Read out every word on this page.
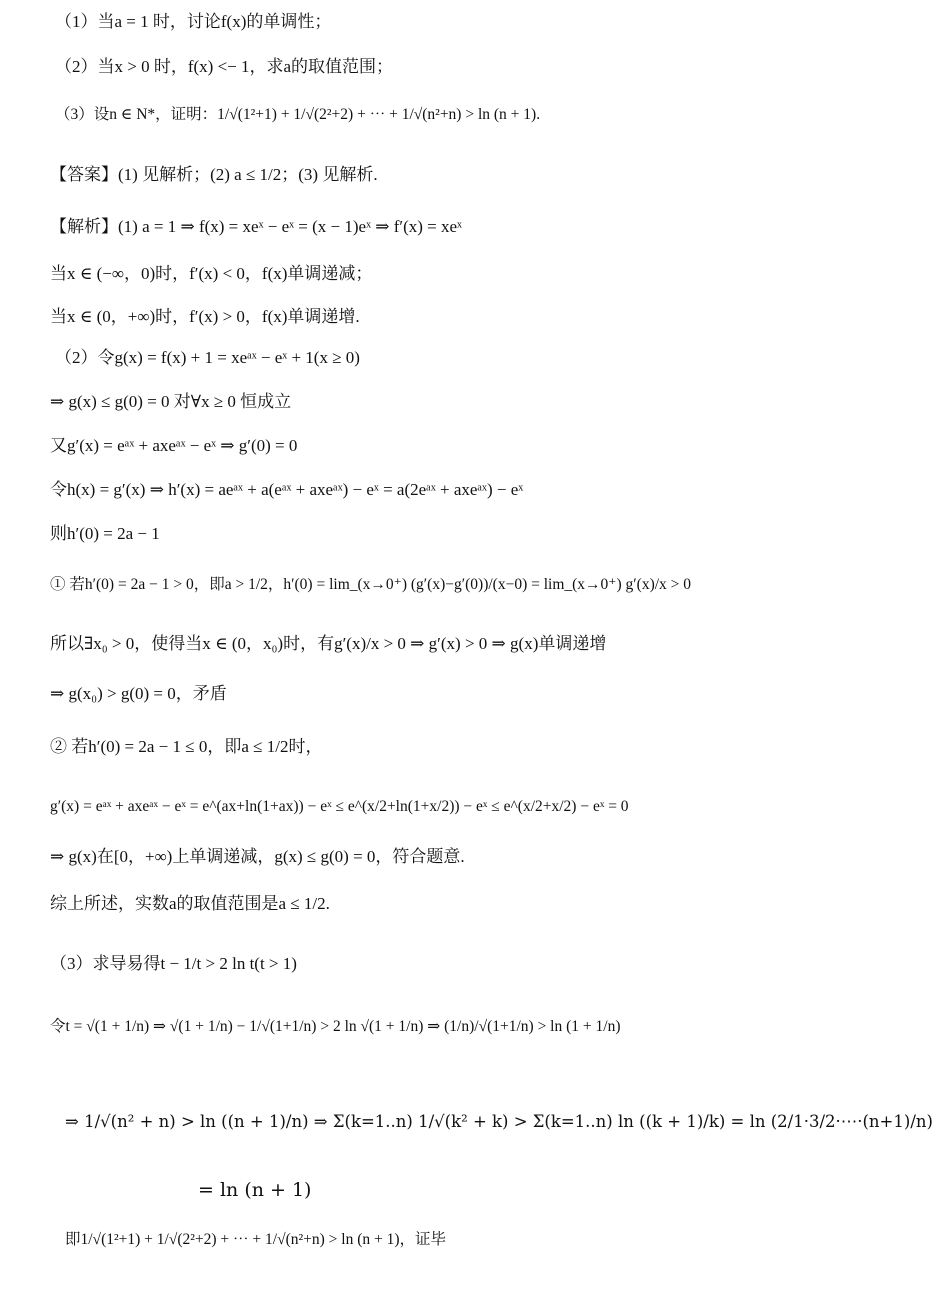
（1）当a = 1 时，讨论f(x)的单调性；
（2）当x > 0 时，f(x) <− 1，求a的取值范围；
（3）设n ∈ N*，证明：1/√(1²+1) + 1/√(2²+2) + ⋯ + 1/√(n²+n) > ln (n + 1).
【答案】(1) 见解析；(2) a ≤ 1/2；(3) 见解析.
【解析】(1) a = 1 ⇒ f(x) = xeˣ − eˣ = (x − 1)eˣ ⇒ f′(x) = xeˣ
当x ∈ (−∞，0)时，f′(x) < 0，f(x)单调递减；
当x ∈ (0，+∞)时，f′(x) > 0，f(x)单调递增.
（2）令g(x) = f(x) + 1 = xeᵃˣ − eˣ + 1(x ≥ 0)
⇒ g(x) ≤ g(0) = 0 对∀x ≥ 0 恒成立
又g′(x) = eᵃˣ + axeᵃˣ − eˣ ⇒ g′(0) = 0
令h(x) = g′(x) ⇒ h′(x) = aeᵃˣ + a(eᵃˣ + axeᵃˣ) − eˣ = a(2eᵃˣ + axeᵃˣ) − eˣ
则h′(0) = 2a − 1
① 若h′(0) = 2a − 1 > 0，即a > 1/2，h′(0) = lim_(x→0⁺) (g′(x)−g′(0))/(x−0) = lim_(x→0⁺) g′(x)/x > 0
所以∃x₀ > 0，使得当x ∈ (0，x₀)时，有g′(x)/x > 0 ⇒ g′(x) > 0 ⇒ g(x)单调递增
⇒ g(x₀) > g(0) = 0，矛盾
② 若h′(0) = 2a − 1 ≤ 0，即a ≤ 1/2时，
g′(x) = eᵃˣ + axeᵃˣ − eˣ = e^(ax+ln(1+ax)) − eˣ ≤ e^(x/2+ln(1+x/2)) − eˣ ≤ e^(x/2+x/2) − eˣ = 0
⇒ g(x)在[0，+∞)上单调递减，g(x) ≤ g(0) = 0，符合题意.
综上所述，实数a的取值范围是a ≤ 1/2.
（3）求导易得t − 1/t > 2 ln t(t > 1)
令t = √(1 + 1/n) ⇒ √(1 + 1/n) − 1/√(1+1/n) > 2 ln √(1 + 1/n) ⇒ (1/n)/√(1+1/n) > ln (1 + 1/n)
⇒ 1/√(n² + n) > ln ((n + 1)/n) ⇒ Σ(k=1..n) 1/√(k² + k) > Σ(k=1..n) ln ((k + 1)/k) = ln (2/1·3/2·⋯·(n+1)/n)
= ln (n + 1)
即1/√(1²+1) + 1/√(2²+2) + ⋯ + 1/√(n²+n) > ln (n + 1)，证毕
